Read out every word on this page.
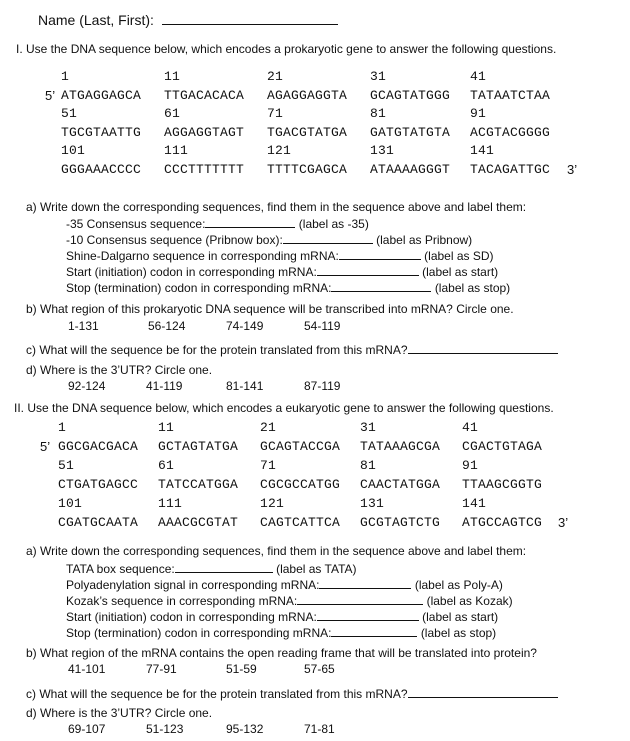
Name (Last, First):
I. Use the DNA sequence below, which encodes a prokaryotic gene to answer the following questions.
1	11	21	31	41
5’ ATGAGGAGCA TTGACACACA AGAGGAGGTA GCAGTATGGG TATAATCTAA
51	61	71	81	91
TGCGTAATTG AGGAGGTAGT TGACGTATGA GATGTATGTA ACGTACGGGG
101	111	121	131	141
GGGAAACCCC CCCTTTTTTT TTTTCGAGCA ATAAAAGGGT TACAGATTGC 3’
a) Write down the corresponding sequences, find them in the sequence above and label them:
-35 Consensus sequence:	(label as -35)
-10 Consensus sequence (Pribnow box):	(label as Pribnow)
Shine-Dalgarno sequence in corresponding mRNA:	(label as SD)
Start (initiation) codon in corresponding mRNA:	(label as start)
Stop (termination) codon in corresponding mRNA:	(label as stop)
b) What region of this prokaryotic DNA sequence will be transcribed into mRNA? Circle one.
1-131	56-124	74-149	54-119
c) What will the sequence be for the protein translated from this mRNA?
d) Where is the 3’UTR? Circle one.
92-124	41-119	81-141	87-119
II. Use the DNA sequence below, which encodes a eukaryotic gene to answer the following questions.
1	11	21	31	41
5’ GGCGACGACA GCTAGTATGA GCAGTACCGA TATAAAGCGA CGACTGTAGA
51	61	71	81	91
CTGATGAGCC TATCCATGGA CGCGCCATGG CAACTATGGA TTAAGCGGTG
101	111	121	131	141
CGATGCAATA AAACGCGTAT CAGTCATTCA GCGTAGTCTG ATGCCAGTCG 3’
a) Write down the corresponding sequences, find them in the sequence above and label them:
TATA box sequence:	(label as TATA)
Polyadenylation signal in corresponding mRNA:	(label as Poly-A)
Kozak’s sequence in corresponding mRNA:	(label as Kozak)
Start (initiation) codon in corresponding mRNA:	(label as start)
Stop (termination) codon in corresponding mRNA:	(label as stop)
b) What region of the mRNA contains the open reading frame that will be translated into protein?
41-101	77-91	51-59	57-65
c) What will the sequence be for the protein translated from this mRNA?
d) Where is the 3’UTR? Circle one.
69-107	51-123	95-132	71-81
